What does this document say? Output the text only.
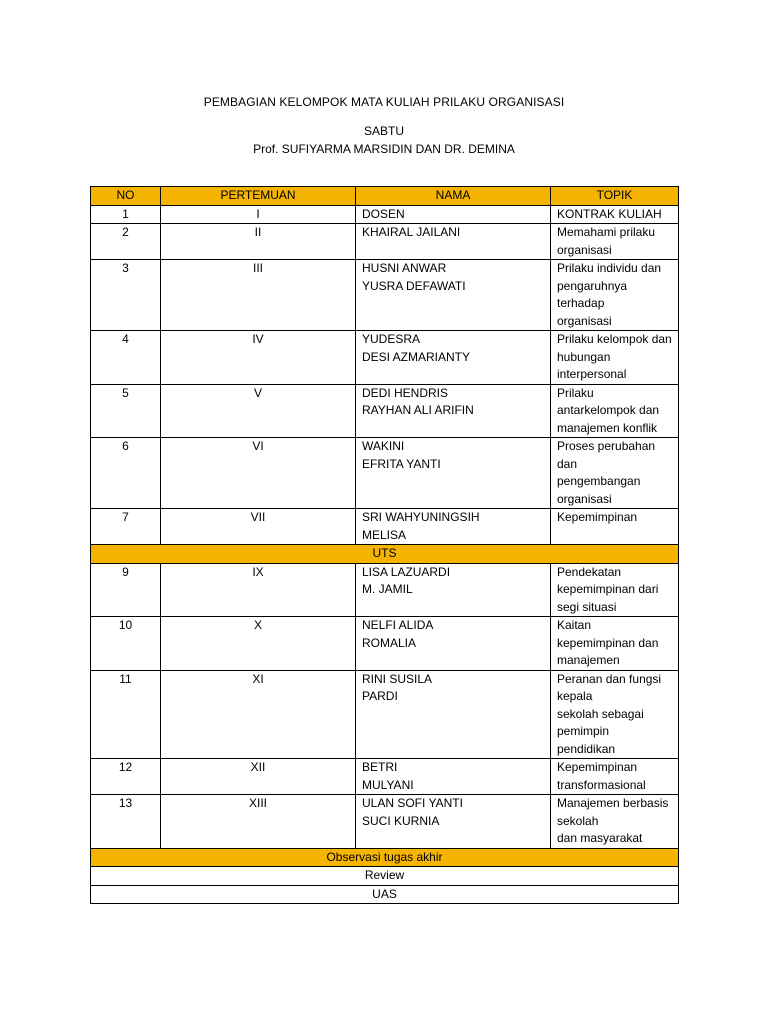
PEMBAGIAN KELOMPOK MATA KULIAH PRILAKU ORGANISASI
SABTU
Prof. SUFIYARMA MARSIDIN DAN DR. DEMINA
NO	PERTEMUAN	NAMA	TOPIK
1	I	DOSEN	KONTRAK KULIAH

2	II	KHAIRAL JAILANI	Memahami prilaku organisasi

3	III	HUSNI ANWAR
YUSRA DEFAWATI	Prilaku individu dan
pengaruhnya terhadap
organisasi

4	IV	YUDESRA
DESI AZMARIANTY	Prilaku kelompok dan hubungan
interpersonal

5	V	DEDI HENDRIS
RAYHAN ALI ARIFIN	Prilaku antarkelompok dan
manajemen konflik

6	VI	WAKINI
EFRITA YANTI	Proses perubahan dan
pengembangan organisasi

7	VII	SRI WAHYUNINGSIH
MELISA	Kepemimpinan

UTS			
9	IX	LISA LAZUARDI
M. JAMIL	Pendekatan kepemimpinan dari
segi situasi

10	X	NELFI ALIDA
ROMALIA	Kaitan kepemimpinan dan
manajemen

11	XI	RINI SUSILA
PARDI	Peranan dan fungsi kepala
sekolah sebagai pemimpin
pendidikan

12	XII	BETRI
MULYANI	Kepemimpinan
transformasional

13	XIII	ULAN SOFI YANTI
SUCI KURNIA	Manajemen berbasis sekolah
dan masyarakat

Observasi tugas akhir			
Review			
UAS			
